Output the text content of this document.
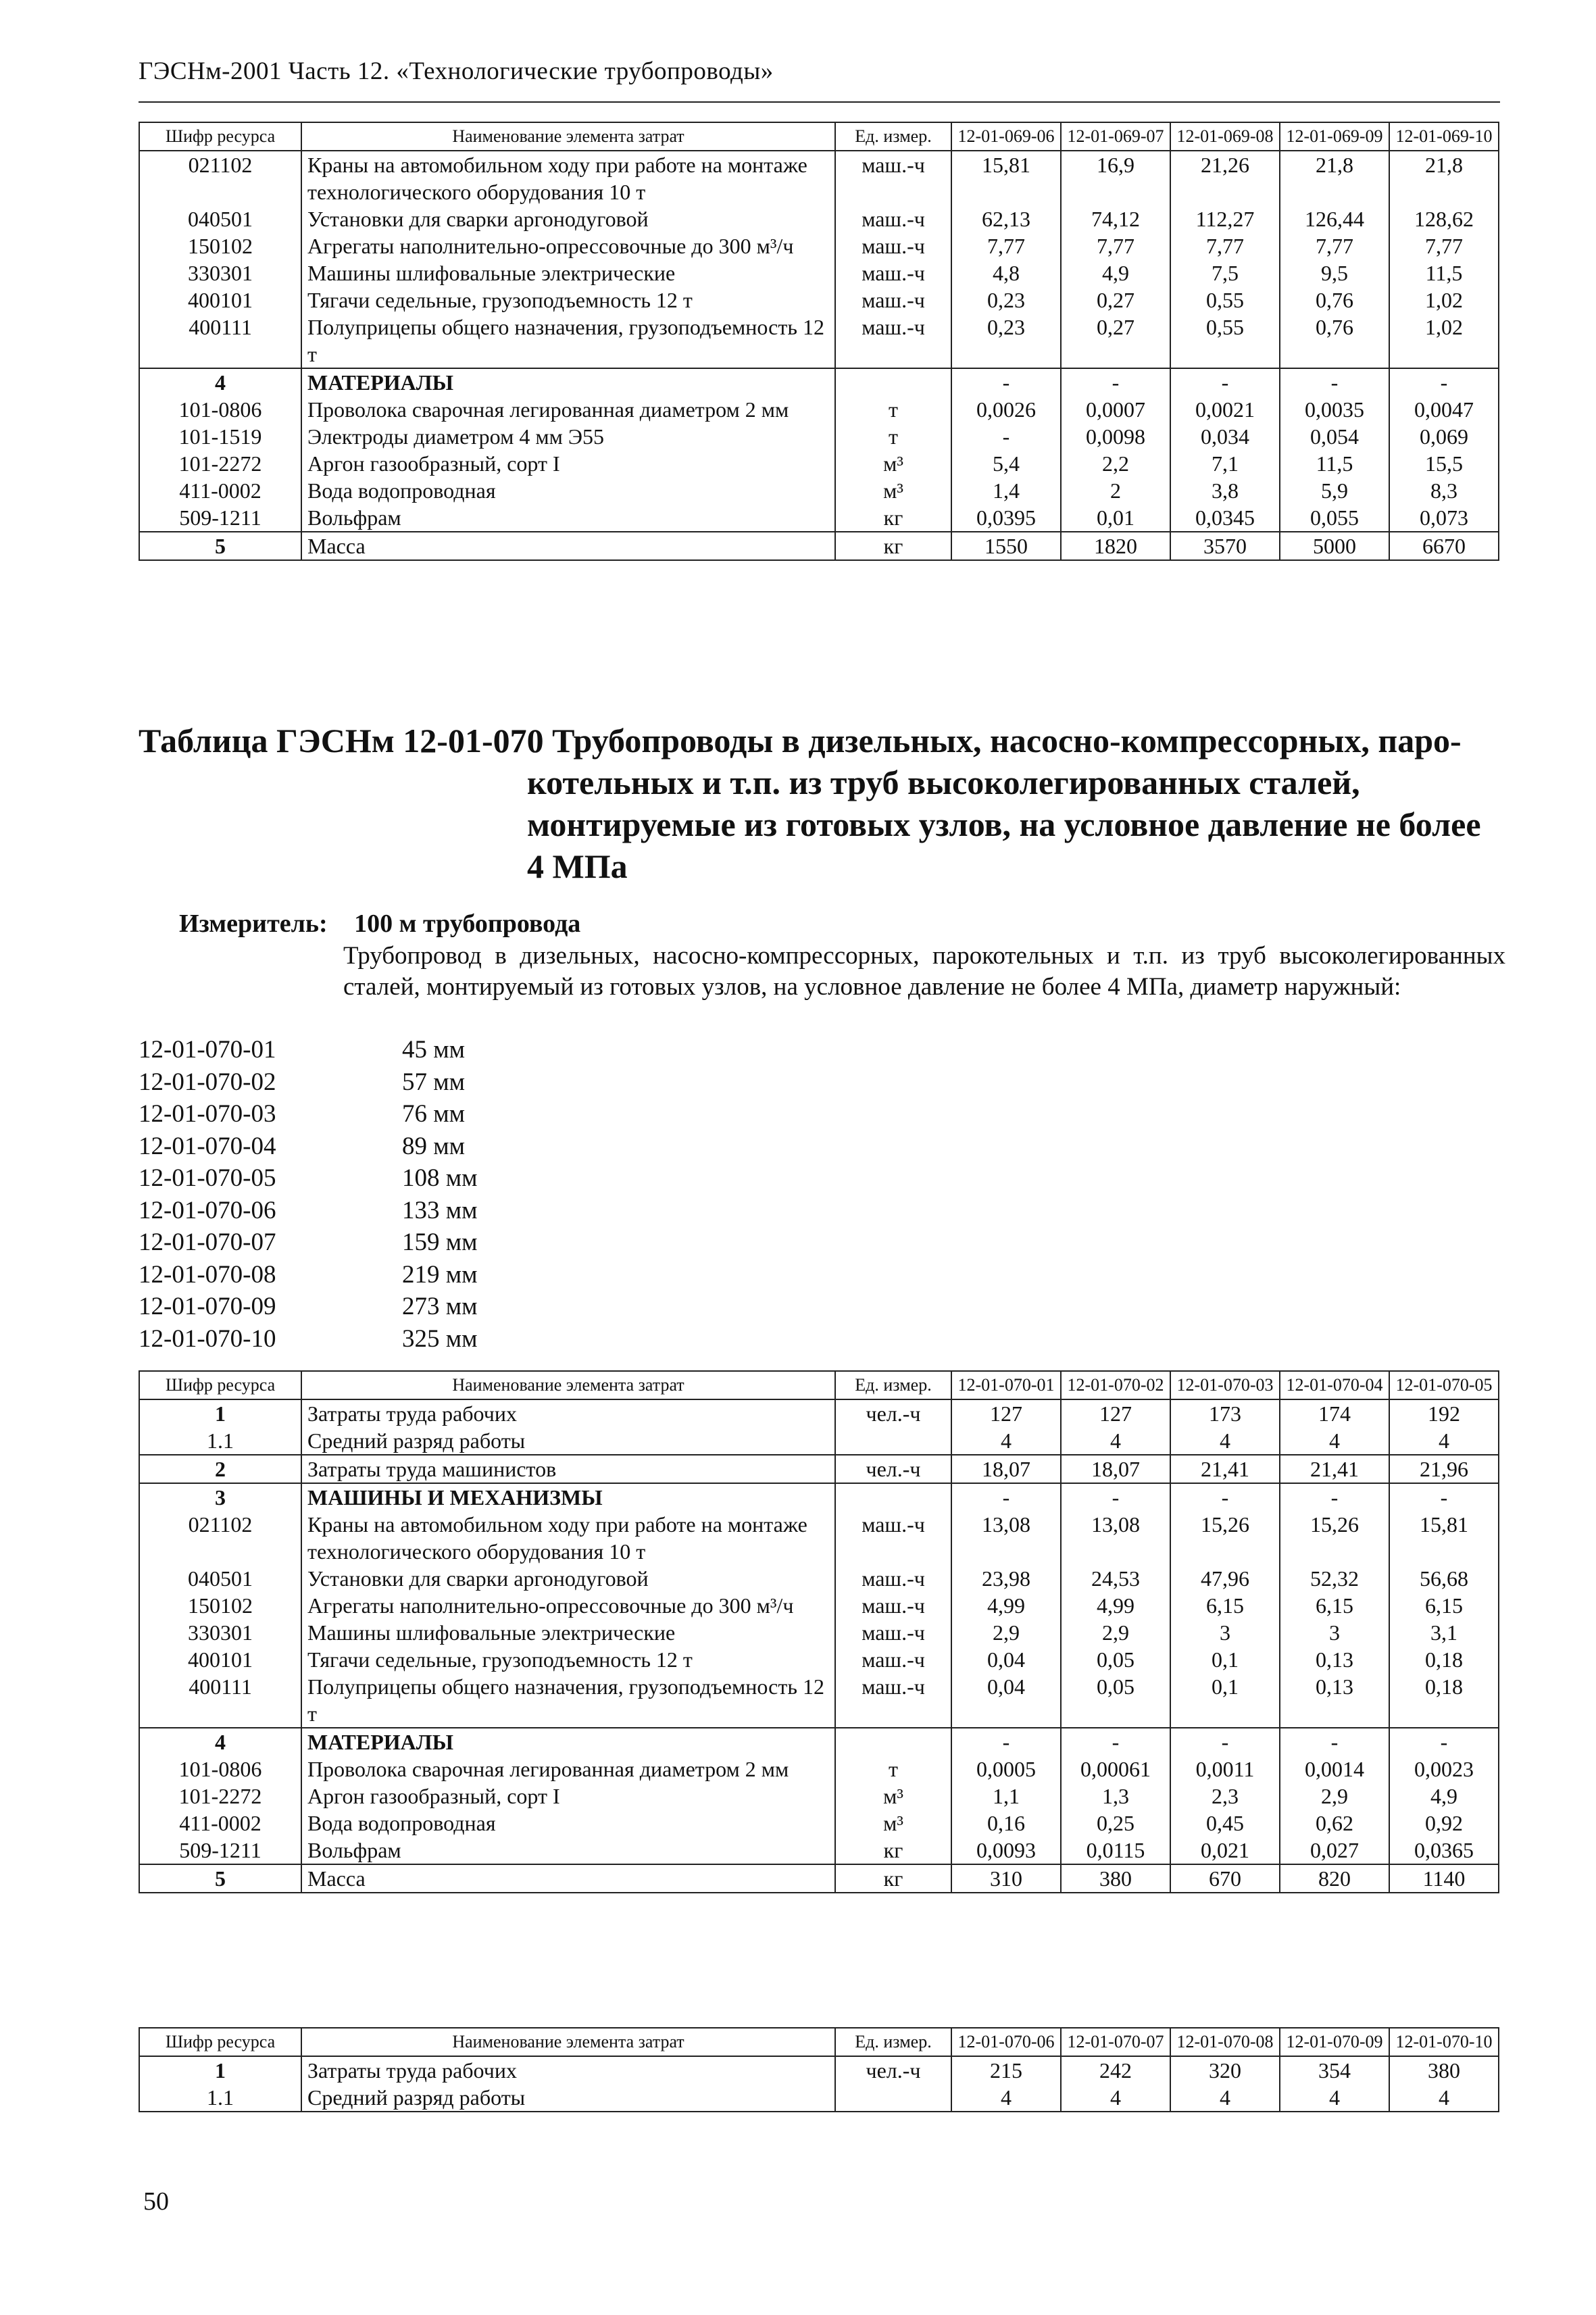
ГЭСНм-2001 Часть 12. «Технологические трубопроводы»
Шифр ресурса	Наименование элемента затрат	Ед. измер.	12-01-069-06	12-01-069-07	12-01-069-08	12-01-069-09	12-01-069-10
021102	Краны на автомобильном ходу при работе на монтаже технологического оборудования 10 т	маш.-ч	15,81	16,9	21,26	21,8	21,8
040501	Установки для сварки аргонодуговой	маш.-ч	62,13	74,12	112,27	126,44	128,62
150102	Агрегаты наполнительно-опрессовочные до 300 м³/ч	маш.-ч	7,77	7,77	7,77	7,77	7,77
330301	Машины шлифовальные электрические	маш.-ч	4,8	4,9	7,5	9,5	11,5
400101	Тягачи седельные, грузоподъемность 12 т	маш.-ч	0,23	0,27	0,55	0,76	1,02
400111	Полуприцепы общего назначения, грузоподъемность 12 т	маш.-ч	0,23	0,27	0,55	0,76	1,02
4	МАТЕРИАЛЫ		-	-	-	-	-
101-0806	Проволока сварочная легированная диаметром 2 мм	т	0,0026	0,0007	0,0021	0,0035	0,0047
101-1519	Электроды диаметром 4 мм Э55	т	-	0,0098	0,034	0,054	0,069
101-2272	Аргон газообразный, сорт I	м³	5,4	2,2	7,1	11,5	15,5
411-0002	Вода водопроводная	м³	1,4	2	3,8	5,9	8,3
509-1211	Вольфрам	кг	0,0395	0,01	0,0345	0,055	0,073
5	Масса	кг	1550	1820	3570	5000	6670
Таблица ГЭСНм 12-01-070 Трубопроводы в дизельных, насосно-компрессорных, паро-
котельных и т.п. из труб высоколегированных сталей, монтируемые из готовых узлов, на условное давление не более 4 МПа
Измеритель: 100 м трубопровода
Трубопровод в дизельных, насосно-компрессорных, парокотельных и т.п. из труб высоколегированных сталей, монтируемый из готовых узлов, на условное давление не более 4 МПа, диаметр наружный:
12-01-070-01	45 мм
12-01-070-02	57 мм
12-01-070-03	76 мм
12-01-070-04	89 мм
12-01-070-05	108 мм
12-01-070-06	133 мм
12-01-070-07	159 мм
12-01-070-08	219 мм
12-01-070-09	273 мм
12-01-070-10	325 мм
Шифр ресурса	Наименование элемента затрат	Ед. измер.	12-01-070-01	12-01-070-02	12-01-070-03	12-01-070-04	12-01-070-05
1	Затраты труда рабочих	чел.-ч	127	127	173	174	192
1.1	Средний разряд работы		4	4	4	4	4
2	Затраты труда машинистов	чел.-ч	18,07	18,07	21,41	21,41	21,96
3	МАШИНЫ И МЕХАНИЗМЫ		-	-	-	-	-
021102	Краны на автомобильном ходу при работе на монтаже технологического оборудования 10 т	маш.-ч	13,08	13,08	15,26	15,26	15,81
040501	Установки для сварки аргонодуговой	маш.-ч	23,98	24,53	47,96	52,32	56,68
150102	Агрегаты наполнительно-опрессовочные до 300 м³/ч	маш.-ч	4,99	4,99	6,15	6,15	6,15
330301	Машины шлифовальные электрические	маш.-ч	2,9	2,9	3	3	3,1
400101	Тягачи седельные, грузоподъемность 12 т	маш.-ч	0,04	0,05	0,1	0,13	0,18
400111	Полуприцепы общего назначения, грузоподъемность 12 т	маш.-ч	0,04	0,05	0,1	0,13	0,18
4	МАТЕРИАЛЫ		-	-	-	-	-
101-0806	Проволока сварочная легированная диаметром 2 мм	т	0,0005	0,00061	0,0011	0,0014	0,0023
101-2272	Аргон газообразный, сорт I	м³	1,1	1,3	2,3	2,9	4,9
411-0002	Вода водопроводная	м³	0,16	0,25	0,45	0,62	0,92
509-1211	Вольфрам	кг	0,0093	0,0115	0,021	0,027	0,0365
5	Масса	кг	310	380	670	820	1140
Шифр ресурса	Наименование элемента затрат	Ед. измер.	12-01-070-06	12-01-070-07	12-01-070-08	12-01-070-09	12-01-070-10
1	Затраты труда рабочих	чел.-ч	215	242	320	354	380
1.1	Средний разряд работы		4	4	4	4	4
50
